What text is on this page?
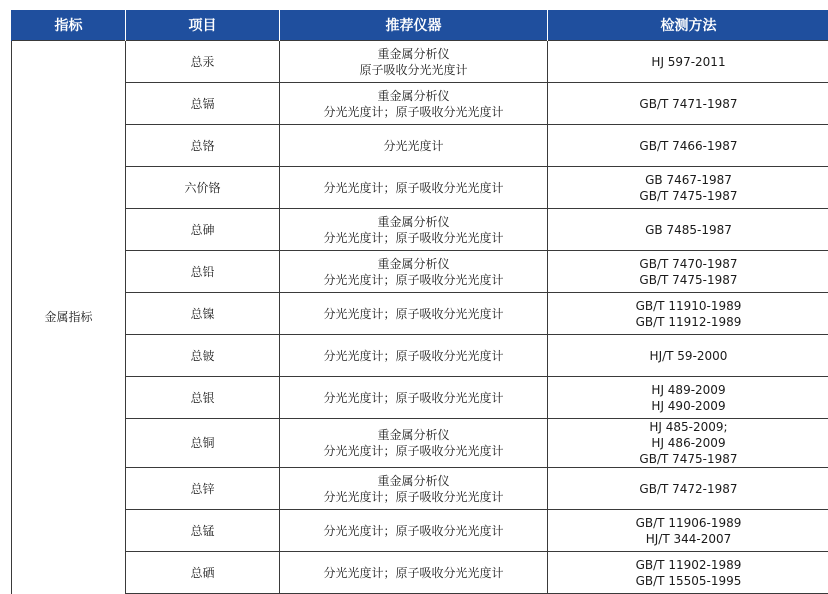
指标	项目	推荐仪器	检测方法
金属指标	总汞	重金属分析仪
原子吸收分光光度计	HJ 597-2011

	总镉	重金属分析仪
分光光度计；原子吸收分光光度计	GB/T 7471-1987

	总铬	分光光度计	GB/T 7466-1987

	六价铬	分光光度计；原子吸收分光光度计	GB 7467-1987
GB/T 7475-1987

	总砷	重金属分析仪
分光光度计；原子吸收分光光度计	GB 7485-1987

	总铅	重金属分析仪
分光光度计；原子吸收分光光度计	GB/T 7470-1987
GB/T 7475-1987

	总镍	分光光度计；原子吸收分光光度计	GB/T 11910-1989
GB/T 11912-1989

	总铍	分光光度计；原子吸收分光光度计	HJ/T 59-2000

	总银	分光光度计；原子吸收分光光度计	HJ 489-2009
HJ 490-2009

	总铜	重金属分析仪
分光光度计；原子吸收分光光度计	HJ 485-2009;
HJ 486-2009
GB/T 7475-1987

	总锌	重金属分析仪
分光光度计；原子吸收分光光度计	GB/T 7472-1987

	总锰	分光光度计；原子吸收分光光度计	GB/T 11906-1989
HJ/T 344-2007

	总硒	分光光度计；原子吸收分光光度计	GB/T 11902-1989
GB/T 15505-1995
